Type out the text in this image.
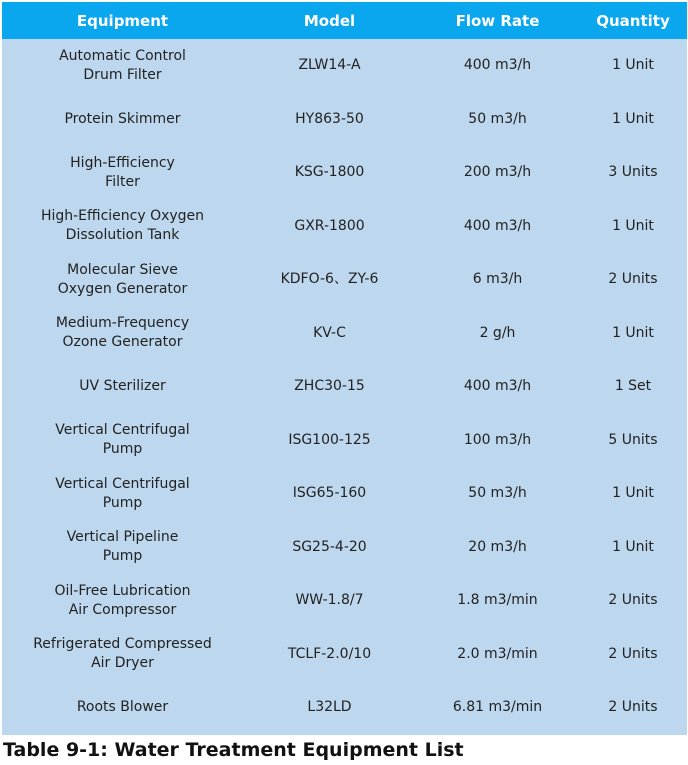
Equipment	Model	Flow Rate	Quantity

Automatic Control
Drum Filter	ZLW14-A	400 m3/h	1 Unit

Protein Skimmer	HY863-50	50 m3/h	1 Unit

High-Efficiency
Filter	KSG-1800	200 m3/h	3 Units

High-Efficiency Oxygen
Dissolution Tank	GXR-1800	400 m3/h	1 Unit

Molecular Sieve
Oxygen Generator	KDFO-6、ZY-6	6 m3/h	2 Units

Medium-Frequency
Ozone Generator	KV-C	2 g/h	1 Unit

UV Sterilizer	ZHC30-15	400 m3/h	1 Set

Vertical Centrifugal
Pump	ISG100-125	100 m3/h	5 Units

Vertical Centrifugal
Pump	ISG65-160	50 m3/h	1 Unit

Vertical Pipeline
Pump	SG25-4-20	20 m3/h	1 Unit

Oil-Free Lubrication
Air Compressor	WW-1.8/7	1.8 m3/min	2 Units

Refrigerated Compressed
Air Dryer	TCLF-2.0/10	2.0 m3/min	2 Units

Roots Blower	L32LD	6.81 m3/min	2 Units
Table 9-1: Water Treatment Equipment List
